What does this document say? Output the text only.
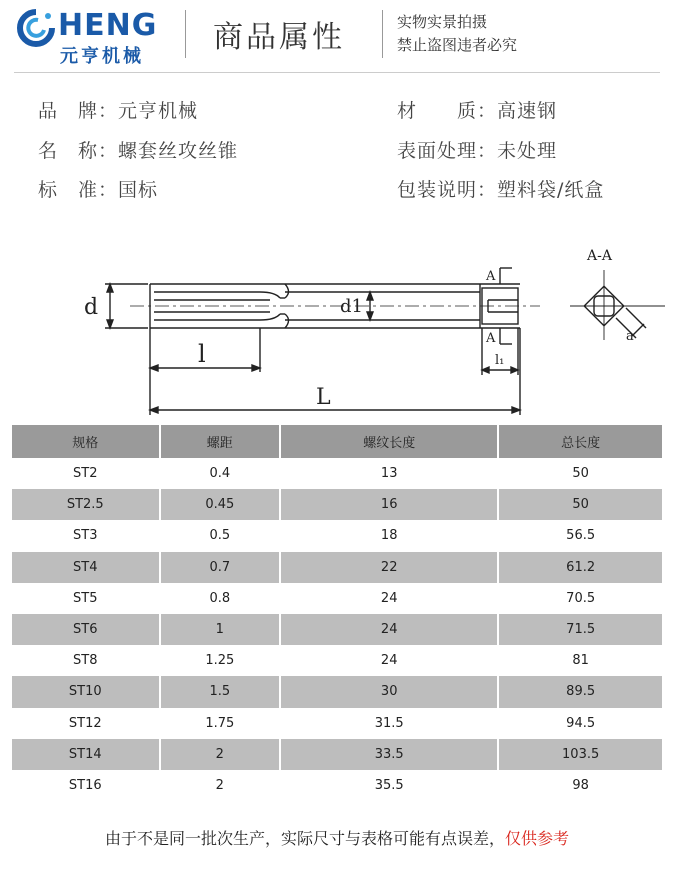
HENG
元亨机械
商品属性	实物实景拍摄
禁止盗图违者必究
品　牌：元亨机械
名　称：螺套丝攻丝锥
标　准：国标
材　　质：高速钢
表面处理：未处理
包装说明：塑料袋/纸盒
d	d1
l
L
A
A
l₁
A-A
a
规格	螺距	螺纹长度	总长度
ST2	0.4	13	50
ST2.5	0.45	16	50
ST3	0.5	18	56.5
ST4	0.7	22	61.2
ST5	0.8	24	70.5
ST6	1	24	71.5
ST8	1.25	24	81
ST10	1.5	30	89.5
ST12	1.75	31.5	94.5
ST14	2	33.5	103.5
ST16	2	35.5	98
由于不是同一批次生产，实际尺寸与表格可能有点误差，仅供参考
